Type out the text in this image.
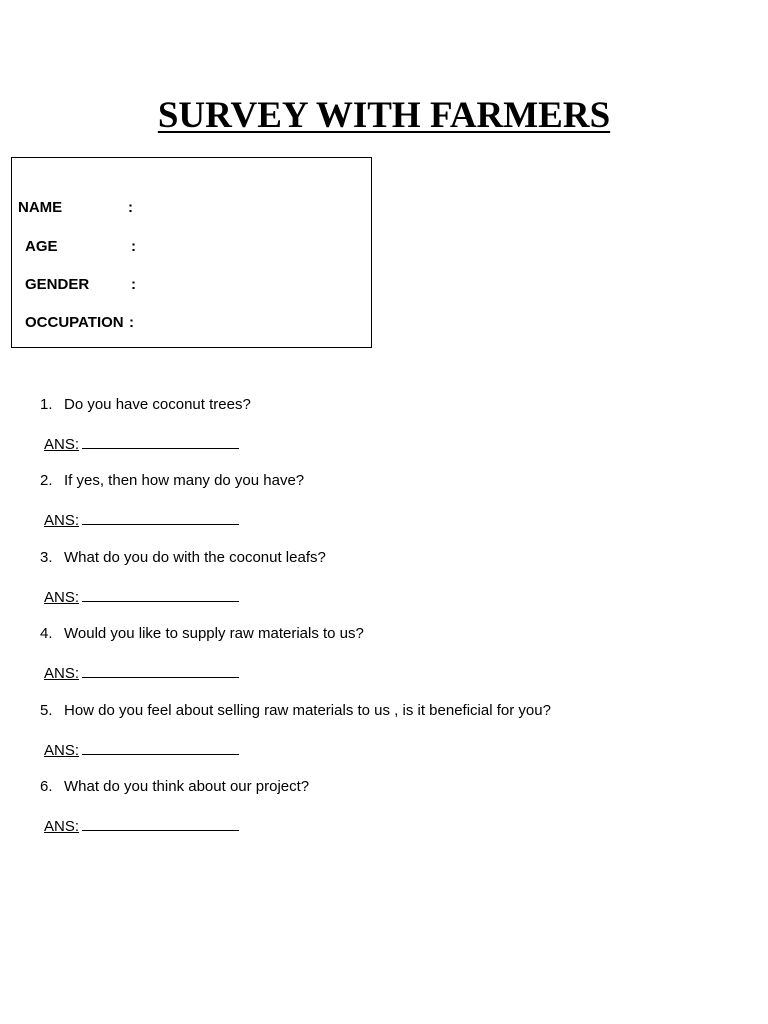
SURVEY WITH FARMERS
NAME	:
AGE	:
GENDER	:
OCCUPATION :
1. Do you have coconut trees?
ANS:
2. If yes, then how many do you have?
ANS:
3. What do you do with the coconut leafs?
ANS:
4. Would you like to supply raw materials to us?
ANS:
5. How do you feel about selling raw materials to us , is it beneficial for you?
ANS:
6. What do you think about our project?
ANS:
